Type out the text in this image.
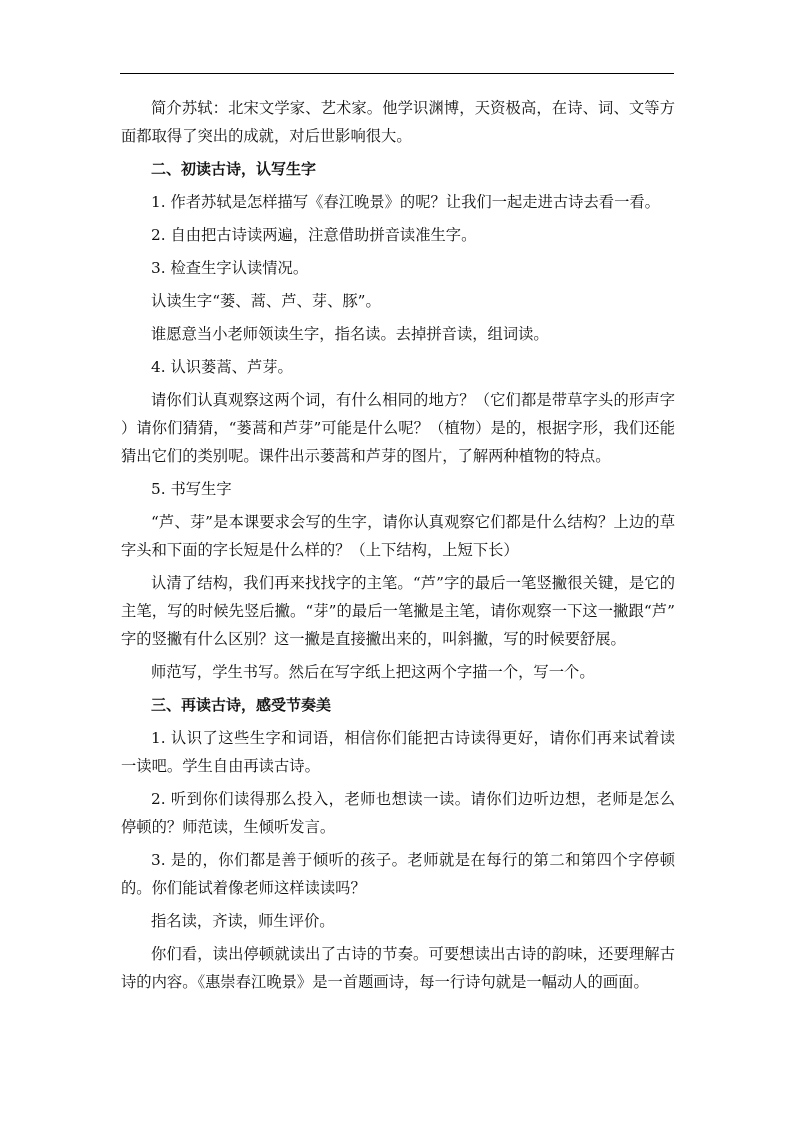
简介苏轼：北宋文学家、艺术家。他学识渊博，天资极高，在诗、词、文等方面都取得了突出的成就，对后世影响很大。

二、初读古诗，认写生字

1. 作者苏轼是怎样描写《春江晚景》的呢？让我们一起走进古诗去看一看。

2. 自由把古诗读两遍，注意借助拼音读准生字。

3. 检查生字认读情况。

认读生字“蒌、蒿、芦、芽、豚”。

谁愿意当小老师领读生字，指名读。去掉拼音读，组词读。

4. 认识蒌蒿、芦芽。

请你们认真观察这两个词，有什么相同的地方？（它们都是带草字头的形声字）请你们猜猜，“蒌蒿和芦芽”可能是什么呢？（植物）是的，根据字形，我们还能猜出它们的类别呢。课件出示蒌蒿和芦芽的图片，了解两种植物的特点。

5. 书写生字

“芦、芽”是本课要求会写的生字，请你认真观察它们都是什么结构？上边的草字头和下面的字长短是什么样的？（上下结构，上短下长）

认清了结构，我们再来找找字的主笔。“芦”字的最后一笔竖撇很关键，是它的主笔，写的时候先竖后撇。“芽”的最后一笔撇是主笔，请你观察一下这一撇跟“芦”字的竖撇有什么区别？这一撇是直接撇出来的，叫斜撇，写的时候要舒展。

师范写，学生书写。然后在写字纸上把这两个字描一个，写一个。

三、再读古诗，感受节奏美

1. 认识了这些生字和词语，相信你们能把古诗读得更好，请你们再来试着读一读吧。学生自由再读古诗。

2. 听到你们读得那么投入，老师也想读一读。请你们边听边想，老师是怎么停顿的？师范读，生倾听发言。

3. 是的，你们都是善于倾听的孩子。老师就是在每行的第二和第四个字停顿的。你们能试着像老师这样读读吗？

指名读，齐读，师生评价。

你们看，读出停顿就读出了古诗的节奏。可要想读出古诗的韵味，还要理解古诗的内容。《惠崇春江晚景》是一首题画诗，每一行诗句就是一幅动人的画面。
